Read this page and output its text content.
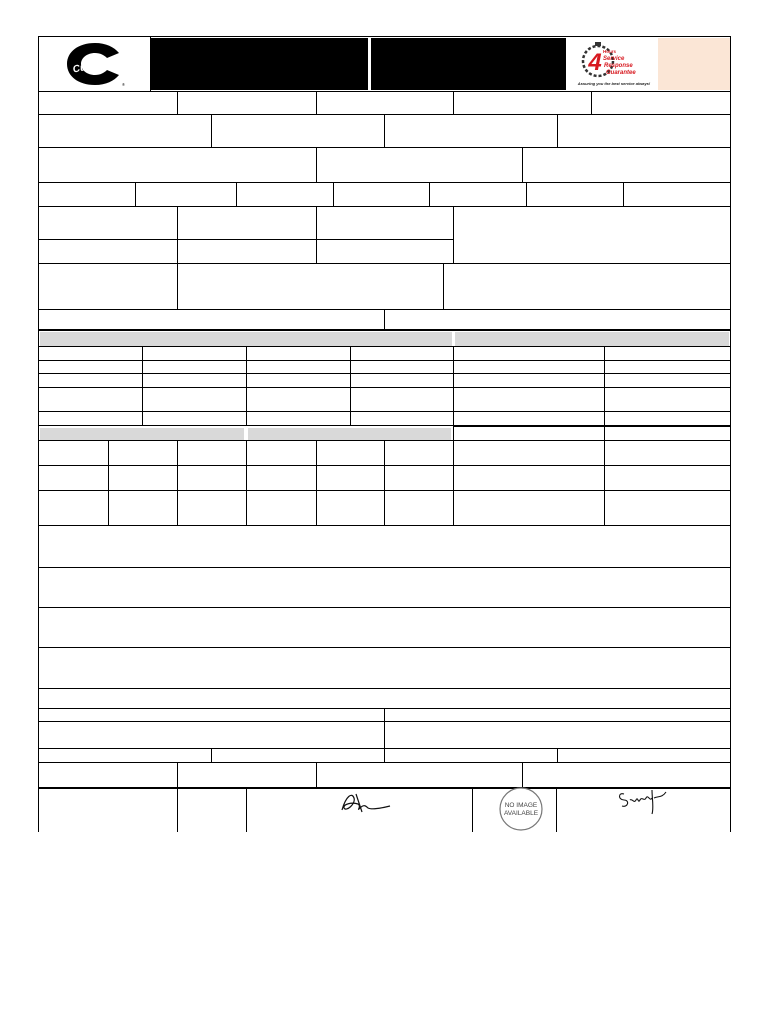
Cummins
®
4 Hours
Service
Response
Guarantee
Assuring you the best service always!
NO IMAGE
AVAILABLE
